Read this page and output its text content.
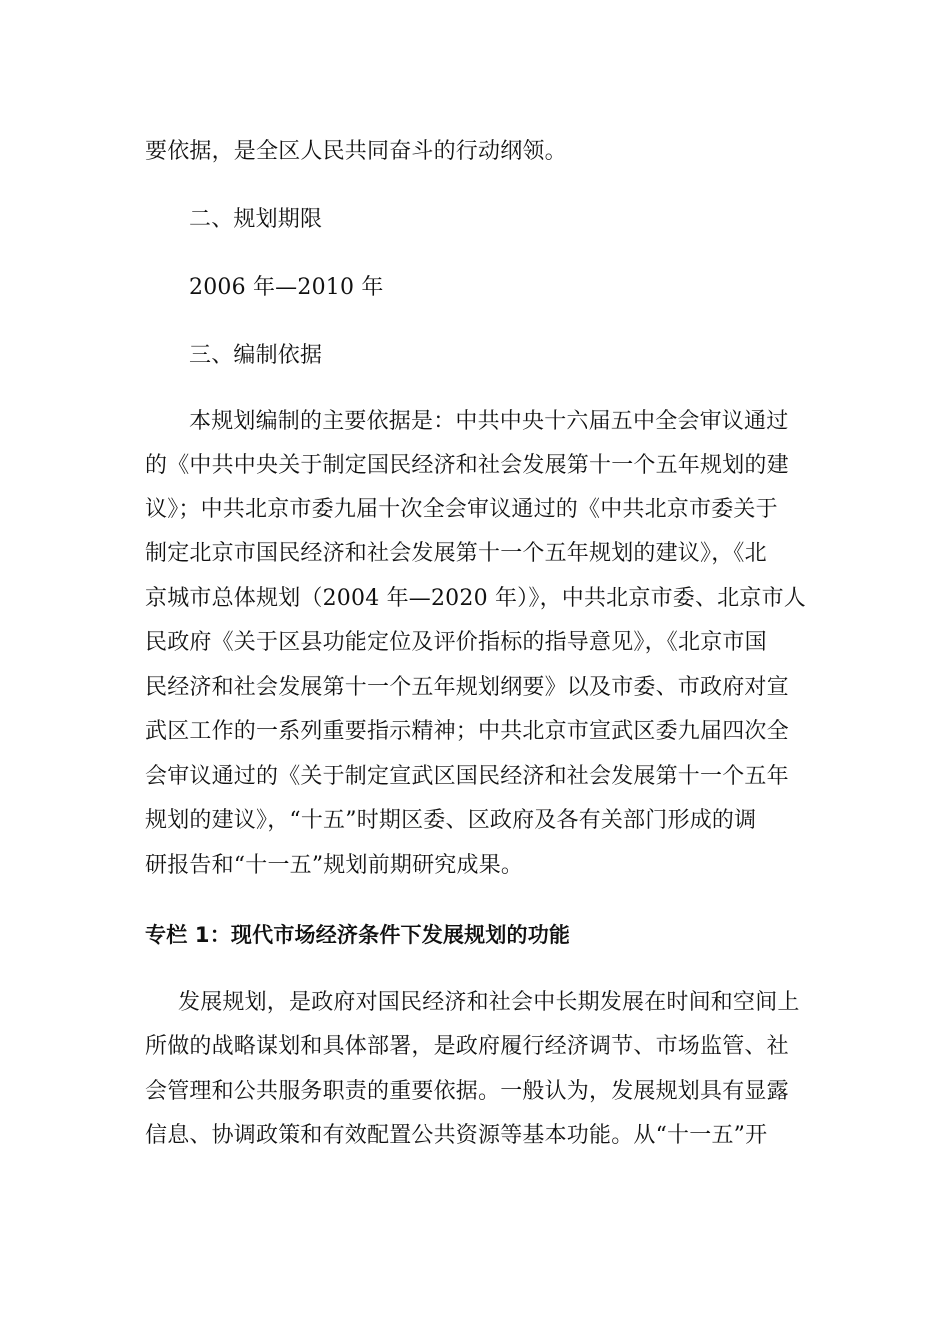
要依据，是全区人民共同奋斗的行动纲领。
二、规划期限
2006 年—2010 年
三、编制依据
本规划编制的主要依据是：中共中央十六届五中全会审议通过
的《中共中央关于制定国民经济和社会发展第十一个五年规划的建
议》；中共北京市委九届十次全会审议通过的《中共北京市委关于
制定北京市国民经济和社会发展第十一个五年规划的建议》，《北
京城市总体规划（2004 年—2020 年）》，中共北京市委、北京市人
民政府《关于区县功能定位及评价指标的指导意见》，《北京市国
民经济和社会发展第十一个五年规划纲要》以及市委、市政府对宣
武区工作的一系列重要指示精神；中共北京市宣武区委九届四次全
会审议通过的《关于制定宣武区国民经济和社会发展第十一个五年
规划的建议》，“十五”时期区委、区政府及各有关部门形成的调
研报告和“十一五”规划前期研究成果。
专栏 1：现代市场经济条件下发展规划的功能
发展规划，是政府对国民经济和社会中长期发展在时间和空间上
所做的战略谋划和具体部署，是政府履行经济调节、市场监管、社
会管理和公共服务职责的重要依据。一般认为，发展规划具有显露
信息、协调政策和有效配置公共资源等基本功能。从“十一五”开
